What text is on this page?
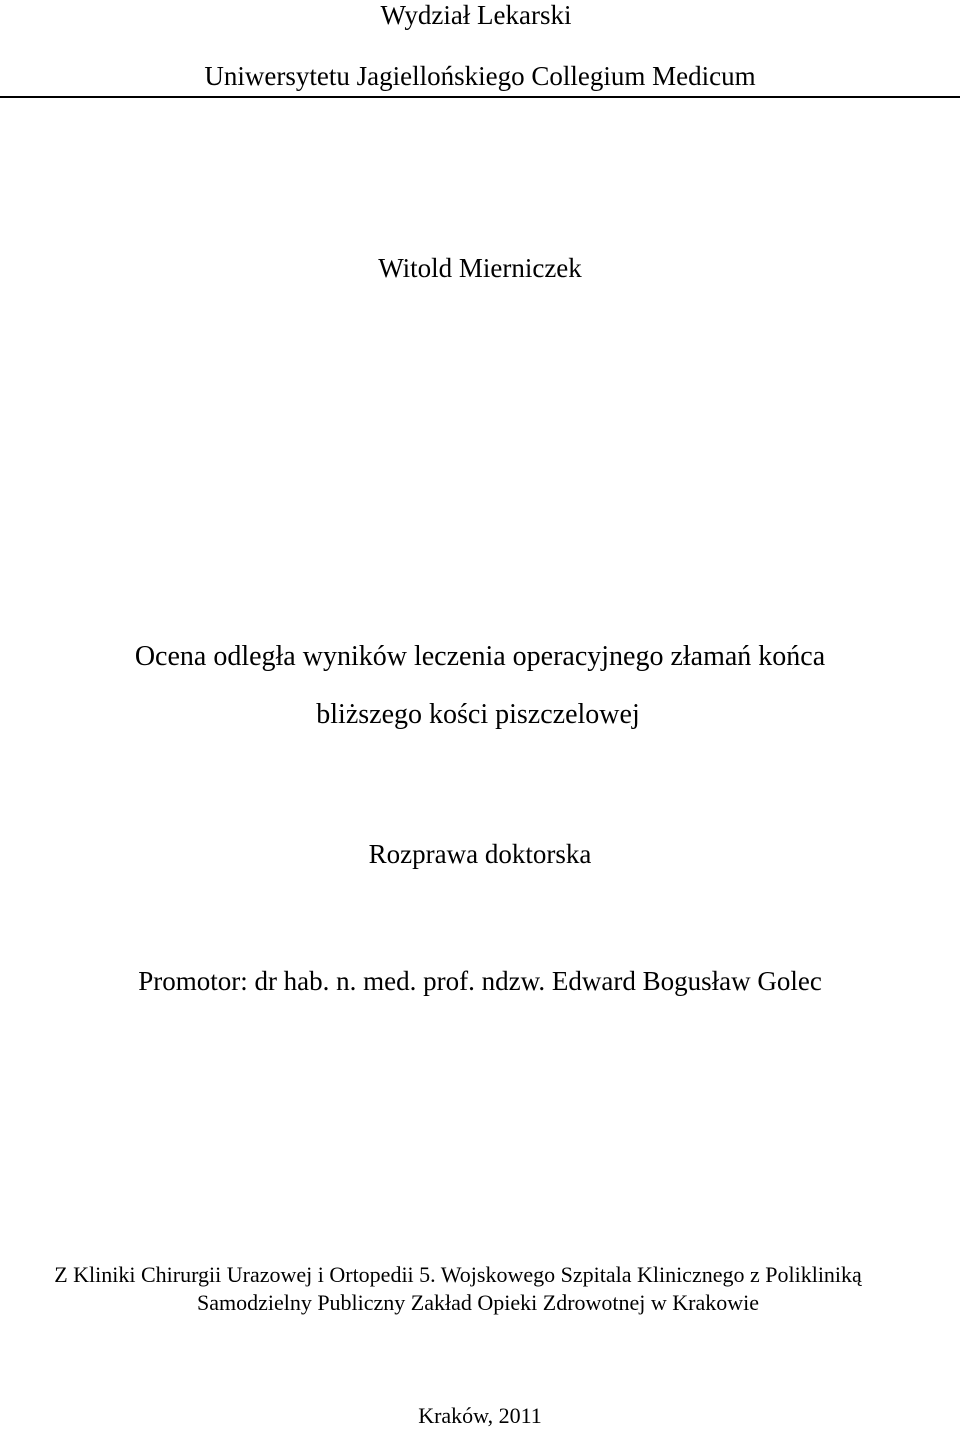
Wydział Lekarski

Uniwersytetu Jagiellońskiego Collegium Medicum

Witold Mierniczek

Ocena odległa wyników leczenia operacyjnego złamań końca

bliższego kości piszczelowej

Rozprawa doktorska

Promotor: dr hab. n. med. prof. ndzw. Edward Bogusław Golec

Z Kliniki Chirurgii Urazowej i Ortopedii 5. Wojskowego Szpitala Klinicznego z Polikliniką

Samodzielny Publiczny Zakład Opieki Zdrowotnej w Krakowie

Kraków, 2011
